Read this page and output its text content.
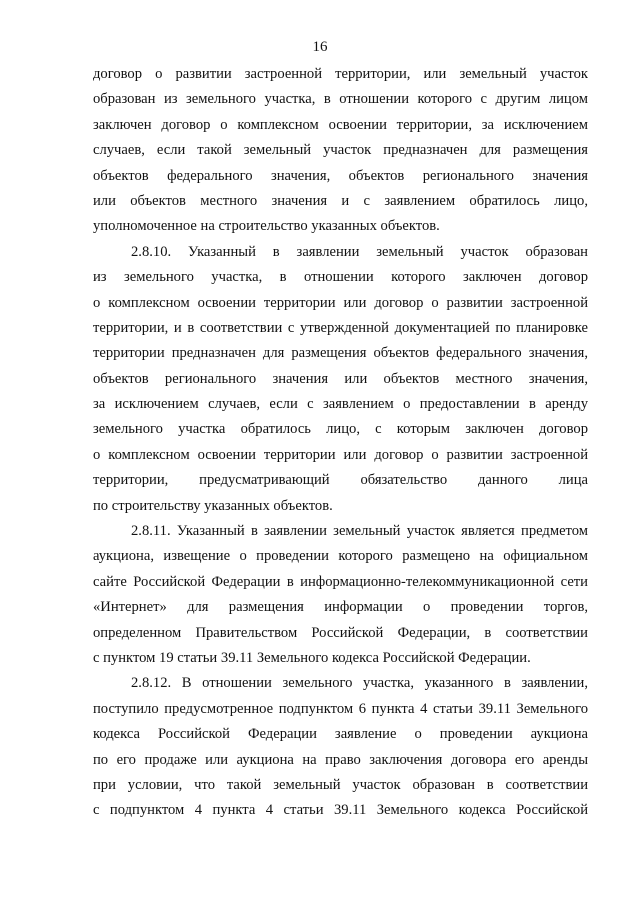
16
договор о развитии застроенной территории, или земельный участок
образован из земельного участка, в отношении которого с другим лицом
заключен договор о комплексном освоении территории, за исключением
случаев, если такой земельный участок предназначен для размещения
объектов федерального значения, объектов регионального значения
или объектов местного значения и с заявлением обратилось лицо,
уполномоченное на строительство указанных объектов.
2.8.10. Указанный в заявлении земельный участок образован
из земельного участка, в отношении которого заключен договор
о комплексном освоении территории или договор о развитии застроенной
территории, и в соответствии с утвержденной документацией по планировке
территории предназначен для размещения объектов федерального значения,
объектов регионального значения или объектов местного значения,
за исключением случаев, если с заявлением о предоставлении в аренду
земельного участка обратилось лицо, с которым заключен договор
о комплексном освоении территории или договор о развитии застроенной
территории, предусматривающий обязательство данного лица
по строительству указанных объектов.
2.8.11. Указанный в заявлении земельный участок является предметом
аукциона, извещение о проведении которого размещено на официальном
сайте Российской Федерации в информационно-телекоммуникационной сети
«Интернет» для размещения информации о проведении торгов,
определенном Правительством Российской Федерации, в соответствии
с пунктом 19 статьи 39.11 Земельного кодекса Российской Федерации.
2.8.12. В отношении земельного участка, указанного в заявлении,
поступило предусмотренное подпунктом 6 пункта 4 статьи 39.11 Земельного
кодекса Российской Федерации заявление о проведении аукциона
по его продаже или аукциона на право заключения договора его аренды
при условии, что такой земельный участок образован в соответствии
с подпунктом 4 пункта 4 статьи 39.11 Земельного кодекса Российской
